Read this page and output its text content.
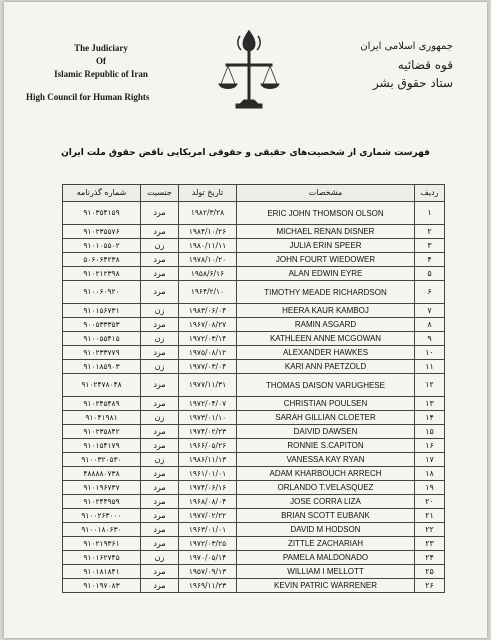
The Judiciary
Of
Islamic Republic of Iran
High Council for Human Rights
جمهوری اسلامی ایران
قوه قضائیه
ستاد حقوق بشر
فهرست شماری از شخصیت‌های حقیقی و حقوقی امریکایی ناقض حقوق ملت ایران
شماره گذرنامه	جنسیت	تاریخ تولد	مشخصات	ردیف
۹۱۰۳۵۴۱۵۹	مرد	۱۹۸۲/۳/۲۸	ERIC JOHN THOMSON OLSON	۱
۹۱۰۲۳۵۵۷۶	مرد	۱۹۸۴/۱۰/۲۶	MICHAEL RENAN DISNER	۲
۹۱۰۱۰۵۵۰۲	زن	۱۹۸۰/۱۱/۱۱	JULIA ERIN SPEER	۳
۵۰۶۰۶۴۲۳۸	مرد	۱۹۷۸/۱۰/۲۰	JOHN FOURT WIEDOWER	۴
۹۱۰۲۱۲۳۹۸	مرد	۱۹۵۸/۶/۱۶	ALAN EDWIN EYRE	۵
۹۱۰۰۶۰۹۲۰	مرد	۱۹۶۴/۲/۱۰	TIMOTHY MEADE RICHARDSON	۶
۹۱۰۱۵۶۷۳۱	زن	۱۹۸۳/۰۶/۰۴	HEERA KAUR KAMBOJ	۷
۹۰۰۵۳۳۳۵۳	مرد	۱۹۶۷/۰۸/۲۷	RAMIN ASGARD	۸
۹۱۰۰۵۵۴۱۵	زن	۱۹۷۲/۰۳/۱۴	KATHLEEN ANNE MCGOWAN	۹
۹۱۰۲۳۳۷۷۹	مرد	۱۹۷۵/۰۸/۱۲	ALEXANDER HAWKES	۱۰
۹۱۰۱۸۵۹۰۳	زن	۱۹۷۷/۰۳/۰۴	KARI ANN PAETZOLD	۱۱
۹۱۰۲۴۷۸۰۴۸	مرد	۱۹۷۷/۱۱/۳۱	THOMAS DAISON VARUGHESE	۱۲
۹۱۰۲۴۵۴۸۹	مرد	۱۹۷۲/۰۴/۰۷	CHRISTIAN POULSEN	۱۳
۹۱۰۴۱۹۸۱	زن	۱۹۷۳/۰۱/۱۰	SARAH GILLIAN CLOETER	۱۴
۹۱۰۲۳۵۸۴۲	مرد	۱۹۷۴/۰۲/۲۳	DAIVID DAWSEN	۱۵
۹۱۰۱۵۴۱۷۹	مرد	۱۹۶۶/۰۵/۲۶	RONNIE S.CAPITON	۱۶
۹۱۰۰۳۲۰۵۳۰	زن	۱۹۸۶/۱۱/۱۳	VANESSA KAY RYAN	۱۷
۴۸۸۸۸۰۷۳۸	مرد	۱۹۶۱/۰۱/۰۱	ADAM KHARBOUCH ARRECH	۱۸
۹۱۰۱۹۶۷۳۷	مرد	۱۹۷۴/۰۶/۱۶	ORLANDO T.VELASQUEZ	۱۹
۹۱۰۲۴۴۹۵۹	مرد	۱۹۶۸/۰۸/۰۴	JOSE CORRA LIZA	۲۰
۹۱۰۰۲۶۳۰۰۰	مرد	۱۹۷۷/۰۲/۲۲	BRIAN SCOTT EUBANK	۲۱
۹۱۰۰۱۸۰۶۳۰	مرد	۱۹۶۳/۰۱/۰۱	DAVID M HODSON	۲۲
۹۱۰۲۱۹۳۶۱	مرد	۱۹۷۲/۰۳/۲۵	ZITTLE ZACHARIAH	۲۳
۹۱۰۱۶۲۷۴۵	زن	۱۹۷۰/۰۵/۱۴	PAMELA MALDONADO	۲۴
۹۱۰۱۸۱۸۴۱	مرد	۱۹۵۷/۰۹/۱۳	WILLIAM I MELLOTT	۲۵
۹۱۰۱۹۷۰۸۳	مرد	۱۹۶۹/۱۱/۲۳	KEVIN PATRIC WARRENER	۲۶
